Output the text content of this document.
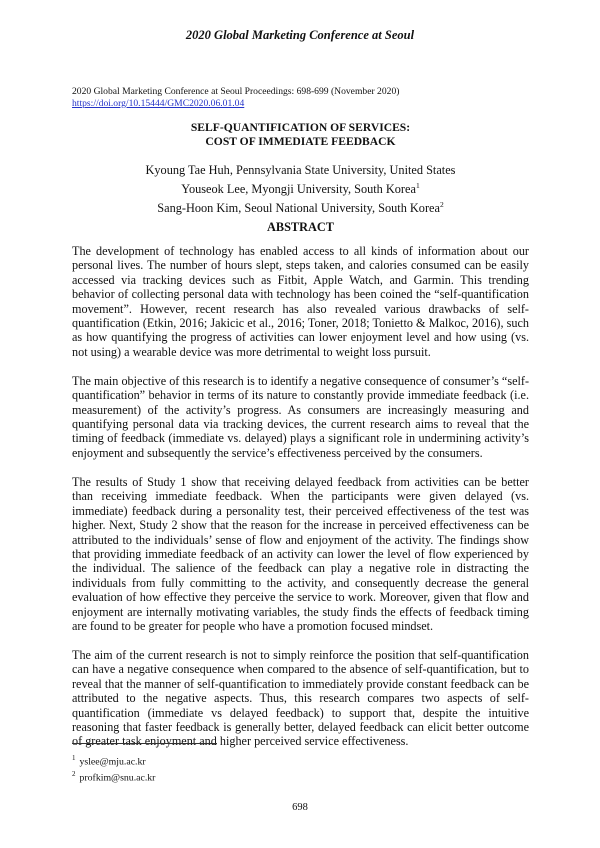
2020 Global Marketing Conference at Seoul
2020 Global Marketing Conference at Seoul Proceedings: 698-699 (November 2020)
https://doi.org/10.15444/GMC2020.06.01.04
SELF-QUANTIFICATION OF SERVICES:
COST OF IMMEDIATE FEEDBACK
Kyoung Tae Huh, Pennsylvania State University, United States
Youseok Lee, Myongji University, South Korea$^1$
Sang-Hoon Kim, Seoul National University, South Korea$^2$
ABSTRACT

The development of technology has enabled access to all kinds of information about our personal lives. The number of hours slept, steps taken, and calories consumed can be easily accessed via tracking devices such as Fitbit, Apple Watch, and Garmin. This trending behavior of collecting personal data with technology has been coined the “self-quantification movement”. However, recent research has also revealed various drawbacks of self-quantification (Etkin, 2016; Jakicic et al., 2016; Toner, 2018; Tonietto & Malkoc, 2016), such as how quantifying the progress of activities can lower enjoyment level and how using (vs. not using) a wearable device was more detrimental to weight loss pursuit.

The main objective of this research is to identify a negative consequence of consumer’s “self-quantification” behavior in terms of its nature to constantly provide immediate feedback (i.e. measurement) of the activity’s progress. As consumers are increasingly measuring and quantifying personal data via tracking devices, the current research aims to reveal that the timing of feedback (immediate vs. delayed) plays a significant role in undermining activity’s enjoyment and subsequently the service’s effectiveness perceived by the consumers.

The results of Study 1 show that receiving delayed feedback from activities can be better than receiving immediate feedback. When the participants were given delayed (vs. immediate) feedback during a personality test, their perceived effectiveness of the test was higher. Next, Study 2 show that the reason for the increase in perceived effectiveness can be attributed to the individuals’ sense of flow and enjoyment of the activity. The findings show that providing immediate feedback of an activity can lower the level of flow experienced by the individual. The salience of the feedback can play a negative role in distracting the individuals from fully committing to the activity, and consequently decrease the general evaluation of how effective they perceive the service to work. Moreover, given that flow and enjoyment are internally motivating variables, the study finds the effects of feedback timing are found to be greater for people who have a promotion focused mindset.

The aim of the current research is not to simply reinforce the position that self-quantification can have a negative consequence when compared to the absence of self-quantification, but to reveal that the manner of self-quantification to immediately provide constant feedback can be attributed to the negative aspects. Thus, this research compares two aspects of self-quantification (immediate vs delayed feedback) to support that, despite the intuitive reasoning that faster feedback is generally better, delayed feedback can elicit better outcome of greater task enjoyment and higher perceived service effectiveness.

$^1$ yslee@mju.ac.kr
$^2$ profkim@snu.ac.kr
698
